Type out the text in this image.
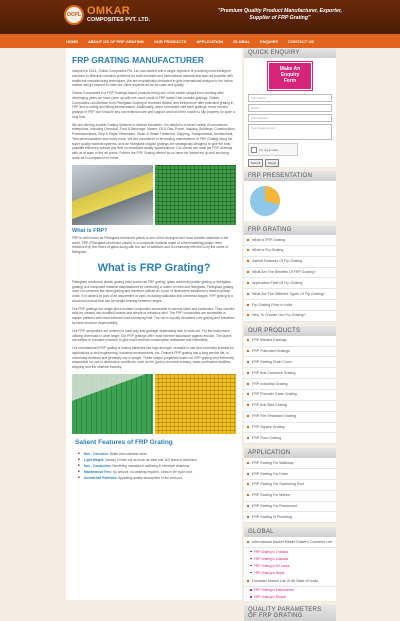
OCPL OMKAR
COMPOSITES PVT. LTD.
"Premium Quality Product Manufacturer, Exporter,
Supplier of FRP Grating"
HOME	ABOUT US OF FRP GRATING	OUR PRODUCTS	APPLICATION	GLOBAL	ENQUIRY	CONTACT US
FRP GRATING MANUFACTURER

Incepted in 2014, Omkar Composites Pvt. Ltd. has started with a single objective of providing most intelligent solutions to different corrosion problems for both domestic and international markets that was not possible with traditional manufacturing techniques. We are emphatically dedicated to give international designs to the Indian market and go beyond to cater our client requests as far as costs and quality.

Omkar Composites is a FRP Gratings based products being one of the ranker ranges from working after developing years we have come up with one more result of FRP based Non-metallic gratings. Omkar Composites can likewise form Fiberglass Grating to recorded details, and furthermore offer pultruded grating in FRP and a cutting and fitting administration. Additionally, when contrasted with steel gratings, these formed gratings in FRP don't require any conventional care and support and hold their hostile to slip property for quite a long time.

We are offering durable Grating Systems to diverse industries. It is helpful in a mixed variety of commercial enterprises, including Chemical, Food & Beverage, Marine, Oil & Gas, Power, Industry, Buildings, Constructions, Pharmaceuticals, Pulp & Paper, Recreation, Water & Waste Treatment, Shipping, Transportation, Architectural, Telecommunications and many more. We are considered to be leading manufacturer of FRP Grating using the super quality material systems, and our fiberglass shaped gratings are strategically designed to give the best possible efficiency without any limit on worldwide quality specifications. Our clients can avail the FRP Gratings with us at state of the art prices. Further the FRP Grating offered by us have the lowest set up and servicing costs as in comparison to metal.

What is FRP?

FRP is well known as Fiberglass reinforced plastic is one of the strongest and most durable materials in the world. FRP (Fiberglass reinforced plastic) is a composite material made of a thermosetting plastic resin reinforced by fine fibers of glass along with the use of additives and is commonly referred to by the name of fiberglass.

What is FRP Grating?

Fiberglass reinforced plastic grating (also known as FRP grating, glass reinforced plastic grating or fiberglass grating) is a composite material manufactured by combining a matrix of resin and fiberglass. Fiberglass grating does not consume like steel grating and therefore utilized as a part of destructive situations to lessen upkeep costs. It is utilized as part of an assortment of uses, including walkways and overhead stages. FRP grating is a structural product that can be weight-bearing between ranges.

Our FRP gratings are single piece molded composites accessible in various sizes and particulars. They can like wise be created into modified boards and simple to introduce also. The FRP composites are accessible in square patterns with most extreme load conveying limit. The rod is equally circulated over grating and bolstered by ideal structure dependability.

Our FRP composites are outlined in such way that garbage dependably fails to work out. For the businesses utilizing chemicals in wide range, Our FRP gratings offer most extreme assurance against erosion. The layers are settled in constant structure to give most extreme consumption resistance and inflexibility.

Our manufactured FRP grating is having attributes like high-strength, versatile in use and extremely suitable for applications in civil engineering, industrial environments, etc. Omkar's FRP grating has a long service life, is chemically resistant and generally low in weight. These unique properties make our FRP grating very extremely reasonable for use in destructive conditions, such as the (petro) chemical industry, water purification facilities, shipping and the offshore industry.

Salient Features of FRP Grating
■ Non - Corrosive: Better than stainless steel.
■ Light Weight: Density 4 times not as much as steel and 11/2 times to aluminum.
■ Non - Conductive: Rendering unmatched wellbeing in electrical situations.
■ Maintenance Free: No artwork, no cleaning required. Least in life cycle cost.
■ Unmatched Esthetics: Appealing quality atmosphere to the work put.
QUICK ENQUIRY
Make An
Enquiry
Form
Your Name
Email
Your Number
Your Requirement
I'm not a robot
Submit	Reset
FRP PRESENTATION
FRP GRATING
What Is FRP Grating
What Is Frp Grating
Salient Features Of Frp Grating
What Are The Benefits Of FRP Grating?
Application Field Of Frp Grating
What Are The Different Types Of Frp Grating?
Frp Grating Price In India
Why To Choose Our Frp Grating?
OUR PRODUCTS
FRP Molded Gratings
FRP Pultruded Gratings
FRP Grating Drain Cover
FRP Anti-Corrosive Grating
FRP Industrial Grating
FRP Phenolic Grate Grating
FRP Anti Skid Grating
FRP Fire Retardant Grating
FRP Square Grating
FRP Floor Grating
APPLICATION
FRP Grating For Walkway
FRP Grating For Drain
FRP Grating For Swimming Pool
FRP Grating For Marine
FRP Grating For Restaurant
FRP Grating In Plumbing
GLOBAL
International Market Middle Eastern Countries List
FRP Grating in Thailand
FRP Grating in Australia
FRP Grating in Sri Lanka
FRP Grating in Nepal
Domestic Market List Of All State Of India
FRP Grating in Maharashtra
FRP Grating in Bhopal
QUALITY PARAMETERS OF FRP GRATING
